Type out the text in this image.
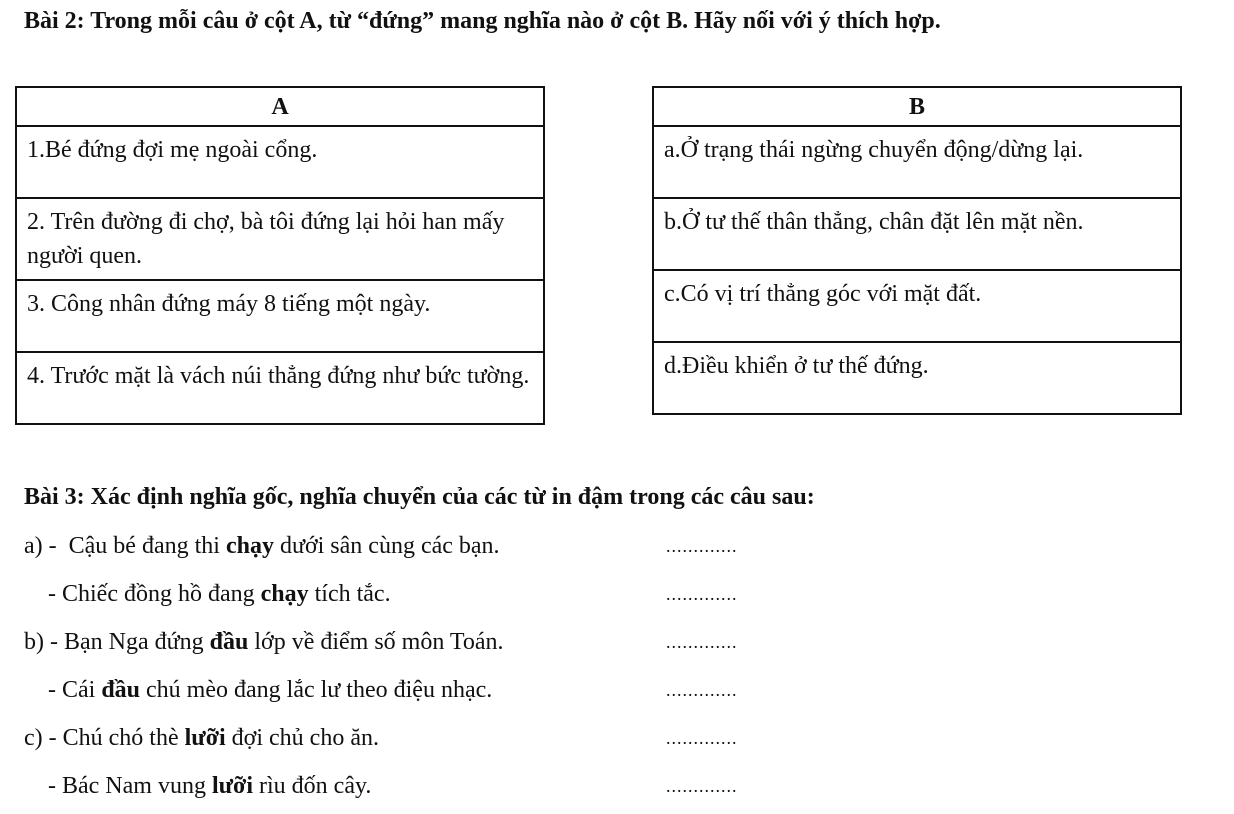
Bài 2: Trong mỗi câu ở cột A, từ “đứng” mang nghĩa nào ở cột B. Hãy nối với ý thích hợp.
A
1.Bé đứng đợi mẹ ngoài cổng.
2. Trên đường đi chợ, bà tôi đứng lại hỏi han mấy người quen.
3. Công nhân đứng máy 8 tiếng một ngày.
4. Trước mặt là vách núi thẳng đứng như bức tường.
B
a.Ở trạng thái ngừng chuyển động/dừng lại.
b.Ở tư thế thân thẳng, chân đặt lên mặt nền.
c.Có vị trí thẳng góc với mặt đất.
d.Điều khiển ở tư thế đứng.
Bài 3: Xác định nghĩa gốc, nghĩa chuyển của các từ in đậm trong các câu sau:
a) -  Cậu bé đang thi chạy dưới sân cùng các bạn.	.............
- Chiếc đồng hồ đang chạy tích tắc.	.............
b) - Bạn Nga đứng đầu lớp về điểm số môn Toán.	.............
- Cái đầu chú mèo đang lắc lư theo điệu nhạc.	.............
c) - Chú chó thè lưỡi đợi chủ cho ăn.	.............
- Bác Nam vung lưỡi rìu đốn cây.	.............
